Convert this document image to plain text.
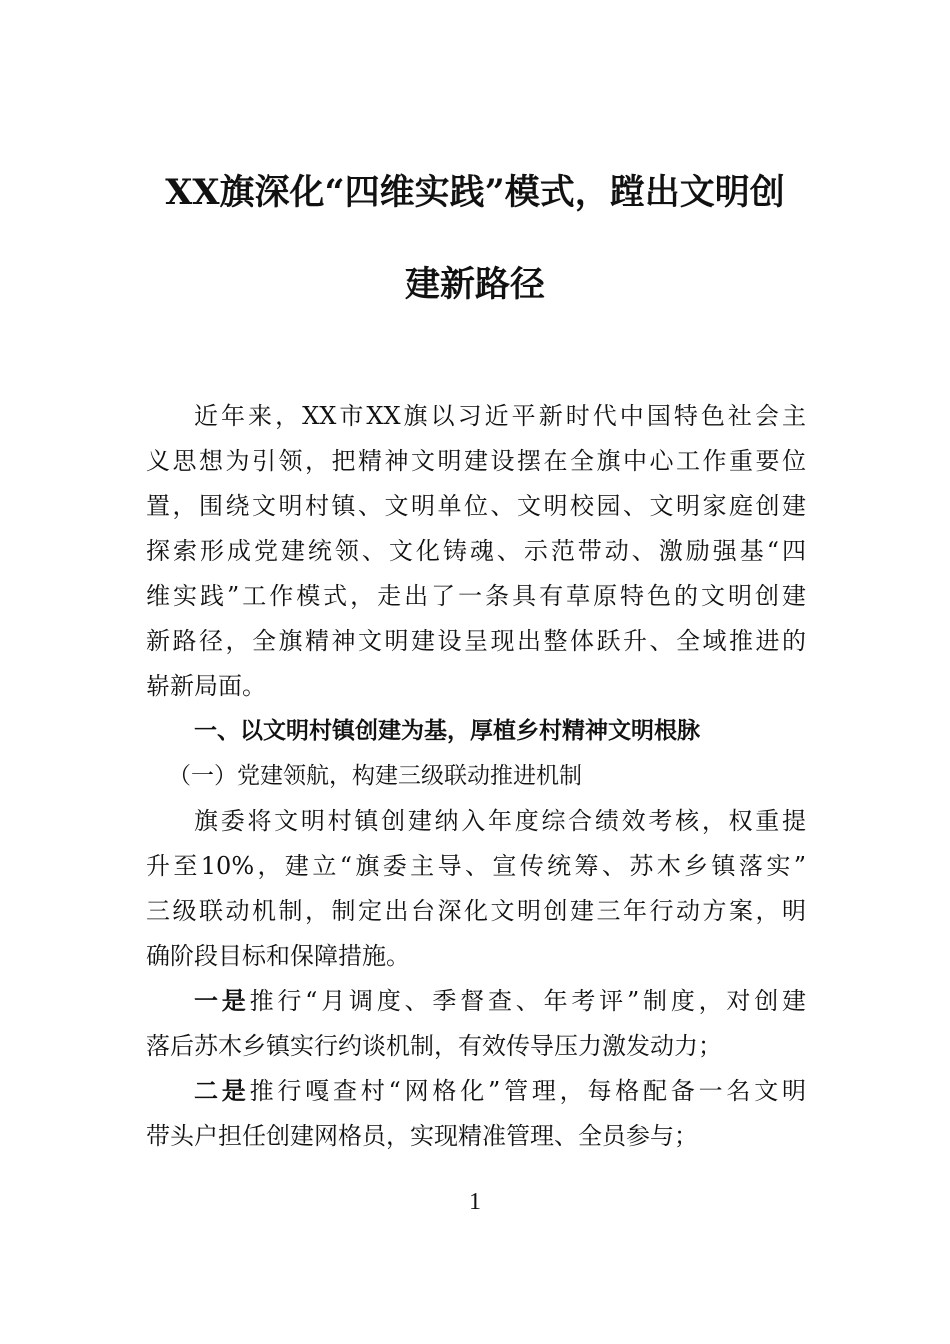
XX旗深化“四维实践”模式，蹚出文明创
建新路径
近年来，XX市XX旗以习近平新时代中国特色社会主
义思想为引领，把精神文明建设摆在全旗中心工作重要位
置，围绕文明村镇、文明单位、文明校园、文明家庭创建
探索形成党建统领、文化铸魂、示范带动、激励强基“四
维实践”工作模式，走出了一条具有草原特色的文明创建
新路径，全旗精神文明建设呈现出整体跃升、全域推进的
崭新局面。
一、以文明村镇创建为基，厚植乡村精神文明根脉
（一）党建领航，构建三级联动推进机制
旗委将文明村镇创建纳入年度综合绩效考核，权重提
升至10%，建立“旗委主导、宣传统筹、苏木乡镇落实”
三级联动机制，制定出台深化文明创建三年行动方案，明
确阶段目标和保障措施。
一是推行“月调度、季督查、年考评”制度，对创建
落后苏木乡镇实行约谈机制，有效传导压力激发动力；
二是推行嘎查村“网格化”管理，每格配备一名文明
带头户担任创建网格员，实现精准管理、全员参与；
1
